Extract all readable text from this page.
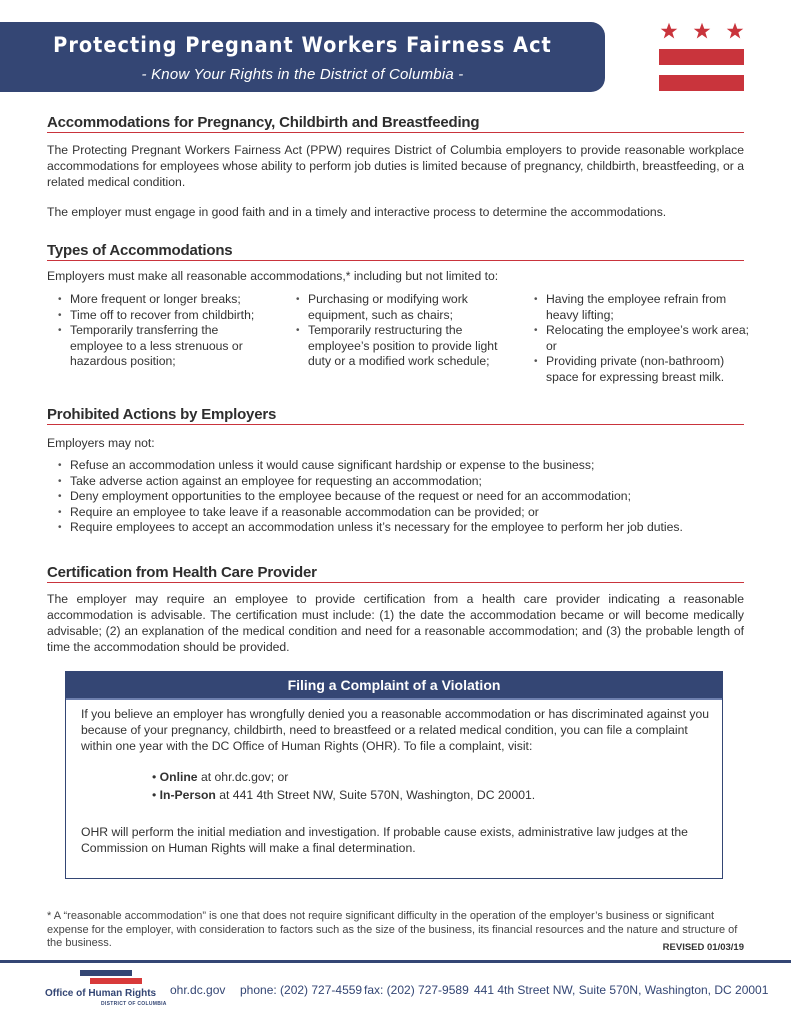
Protecting Pregnant Workers Fairness Act
- Know Your Rights in the District of Columbia -
Accommodations for Pregnancy, Childbirth and Breastfeeding
The Protecting Pregnant Workers Fairness Act (PPW) requires District of Columbia employers to provide reasonable workplace accommodations for employees whose ability to perform job duties is limited because of pregnancy, childbirth, breastfeeding, or a related medical condition.
The employer must engage in good faith and in a timely and interactive process to determine the accommodations.
Types of Accommodations
Employers must make all reasonable accommodations,* including but not limited to:
• More frequent or longer breaks;
• Time off to recover from childbirth;
• Temporarily transferring the employee to a less strenuous or hazardous position;
• Purchasing or modifying work equipment, such as chairs;
• Temporarily restructuring the employee’s position to provide light duty or a modified work schedule;
• Having the employee refrain from heavy lifting;
• Relocating the employee’s work area; or
• Providing private (non-bathroom) space for expressing breast milk.
Prohibited Actions by Employers
Employers may not:
• Refuse an accommodation unless it would cause significant hardship or expense to the business;
• Take adverse action against an employee for requesting an accommodation;
• Deny employment opportunities to the employee because of the request or need for an accommodation;
• Require an employee to take leave if a reasonable accommodation can be provided; or
• Require employees to accept an accommodation unless it’s necessary for the employee to perform her job duties.
Certification from Health Care Provider
The employer may require an employee to provide certification from a health care provider indicating a reasonable accommodation is advisable. The certification must include: (1) the date the accommodation became or will become medically advisable; (2) an explanation of the medical condition and need for a reasonable accommodation; and (3) the probable length of time the accommodation should be provided.
Filing a Complaint of a Violation
If you believe an employer has wrongfully denied you a reasonable accommodation or has discriminated against you because of your pregnancy, childbirth, need to breastfeed or a related medical condition, you can file a complaint within one year with the DC Office of Human Rights (OHR). To file a complaint, visit:
• Online at ohr.dc.gov; or
• In-Person at 441 4th Street NW, Suite 570N, Washington, DC 20001.
OHR will perform the initial mediation and investigation. If probable cause exists, administrative law judges at the Commission on Human Rights will make a final determination.
* A “reasonable accommodation” is one that does not require significant difficulty in the operation of the employer’s business or significant expense for the employer, with consideration to factors such as the size of the business, its financial resources and the nature and structure of the business.	REVISED 01/03/19
Office of Human Rights
DISTRICT OF COLUMBIA
ohr.dc.gov phone: (202) 727-4559 fax: (202) 727-9589 441 4th Street NW, Suite 570N, Washington, DC 20001
